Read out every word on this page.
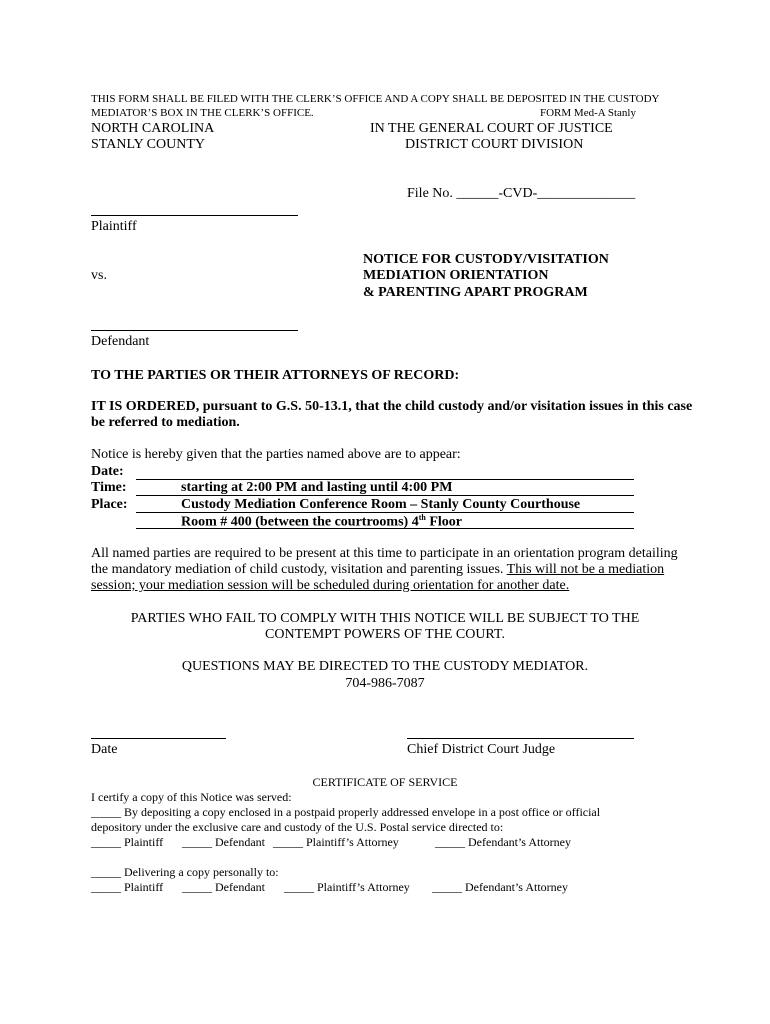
THIS FORM SHALL BE FILED WITH THE CLERK’S OFFICE AND A COPY SHALL BE DEPOSITED IN THE CUSTODY
MEDIATOR’S BOX IN THE CLERK’S OFFICE.	FORM Med-A Stanly
NORTH CAROLINA
STANLY COUNTY
IN THE GENERAL COURT OF JUSTICE
DISTRICT COURT DIVISION
File No. ______-CVD-______________
Plaintiff
NOTICE FOR CUSTODY/VISITATION
MEDIATION ORIENTATION
& PARENTING APART PROGRAM
vs.
Defendant
TO THE PARTIES OR THEIR ATTORNEYS OF RECORD:
IT IS ORDERED, pursuant to G.S. 50-13.1, that the child custody and/or visitation issues in this case
be referred to mediation.
Notice is hereby given that the parties named above are to appear:
Date:
Time:	starting at 2:00 PM and lasting until 4:00 PM
Place:	Custody Mediation Conference Room – Stanly County Courthouse
Room # 400 (between the courtrooms) 4th Floor
All named parties are required to be present at this time to participate in an orientation program detailing
the mandatory mediation of child custody, visitation and parenting issues. This will not be a mediation
session; your mediation session will be scheduled during orientation for another date.
PARTIES WHO FAIL TO COMPLY WITH THIS NOTICE WILL BE SUBJECT TO THE
CONTEMPT POWERS OF THE COURT.
QUESTIONS MAY BE DIRECTED TO THE CUSTODY MEDIATOR.
704-986-7087
Date	Chief District Court Judge
CERTIFICATE OF SERVICE
I certify a copy of this Notice was served:
_____ By depositing a copy enclosed in a postpaid properly addressed envelope in a post office or official
depository under the exclusive care and custody of the U.S. Postal service directed to:
_____ Plaintiff _____ Defendant _____ Plaintiff’s Attorney	_____ Defendant’s Attorney
_____ Delivering a copy personally to:
_____ Plaintiff _____ Defendant _____ Plaintiff’s Attorney _____ Defendant’s Attorney
